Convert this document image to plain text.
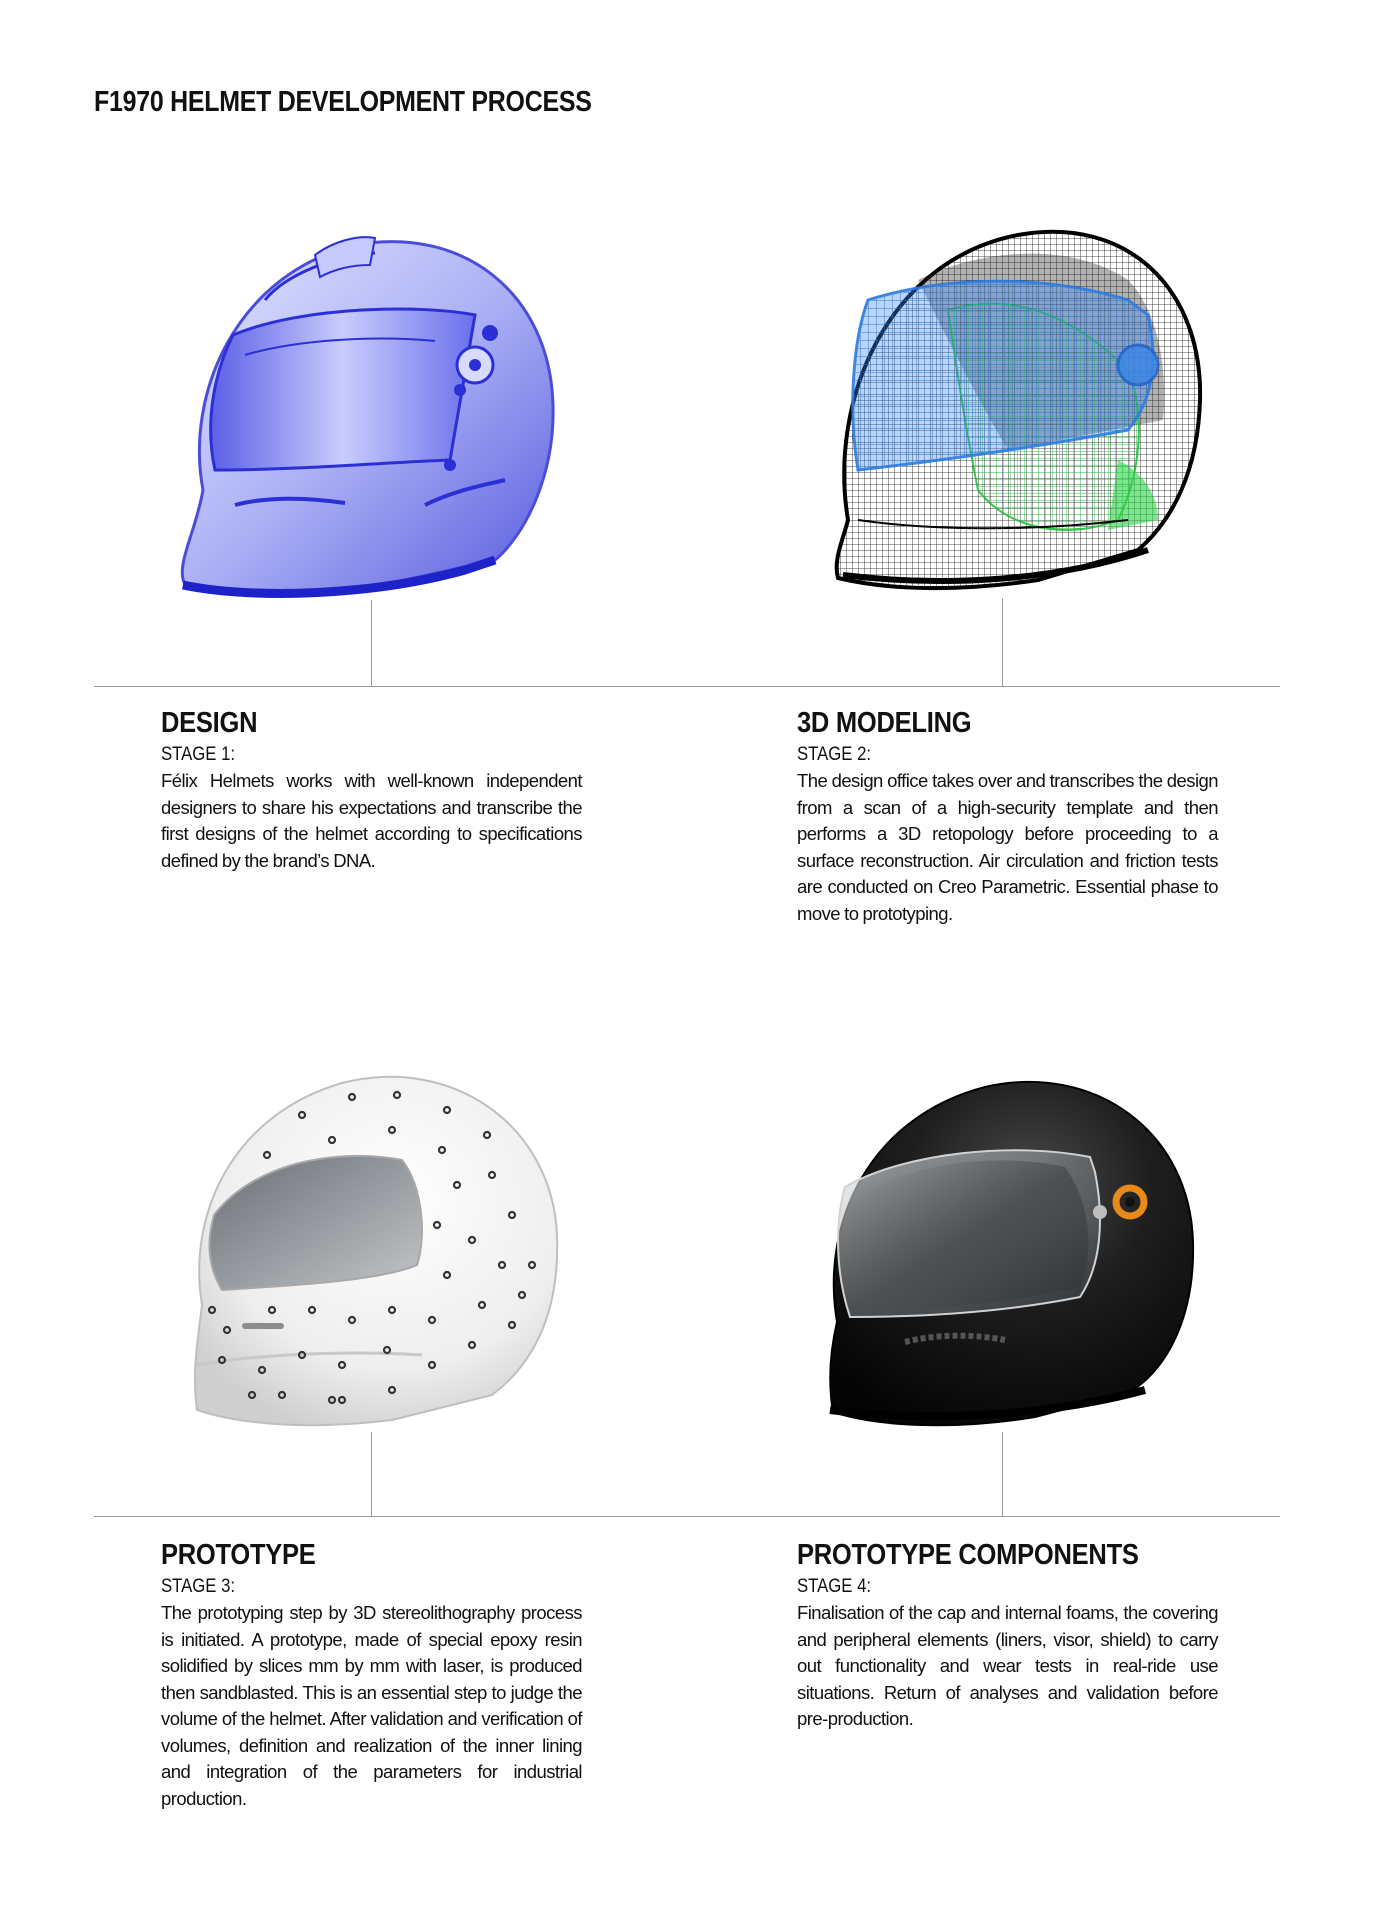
F1970 HELMET DEVELOPMENT PROCESS
DESIGN
STAGE 1:

Félix Helmets works with well-known independent designers to share his expectations and transcribe the first designs of the helmet according to specifications defined by the brand’s DNA.

3D MODELING
STAGE 2:

The design office takes over and transcribes the design from a scan of a high-security template and then performs a 3D retopology before proceeding to a surface reconstruction. Air circulation and friction tests are conducted on Creo Parametric. Essential phase to move to prototyping.

PROTOTYPE
STAGE 3:

The prototyping step by 3D stereolithography process is initiated. A prototype, made of special epoxy resin solidified by slices mm by mm with laser, is produced then sandblasted. This is an essential step to judge the volume of the helmet. After validation and verification of volumes, definition and realization of the inner lining and integration of the parameters for industrial production.

PROTOTYPE COMPONENTS
STAGE 4:

Finalisation of the cap and internal foams, the covering and peripheral elements (liners, visor, shield) to carry out functionality and wear tests in real-ride use situations. Return of analyses and validation before pre-production.
